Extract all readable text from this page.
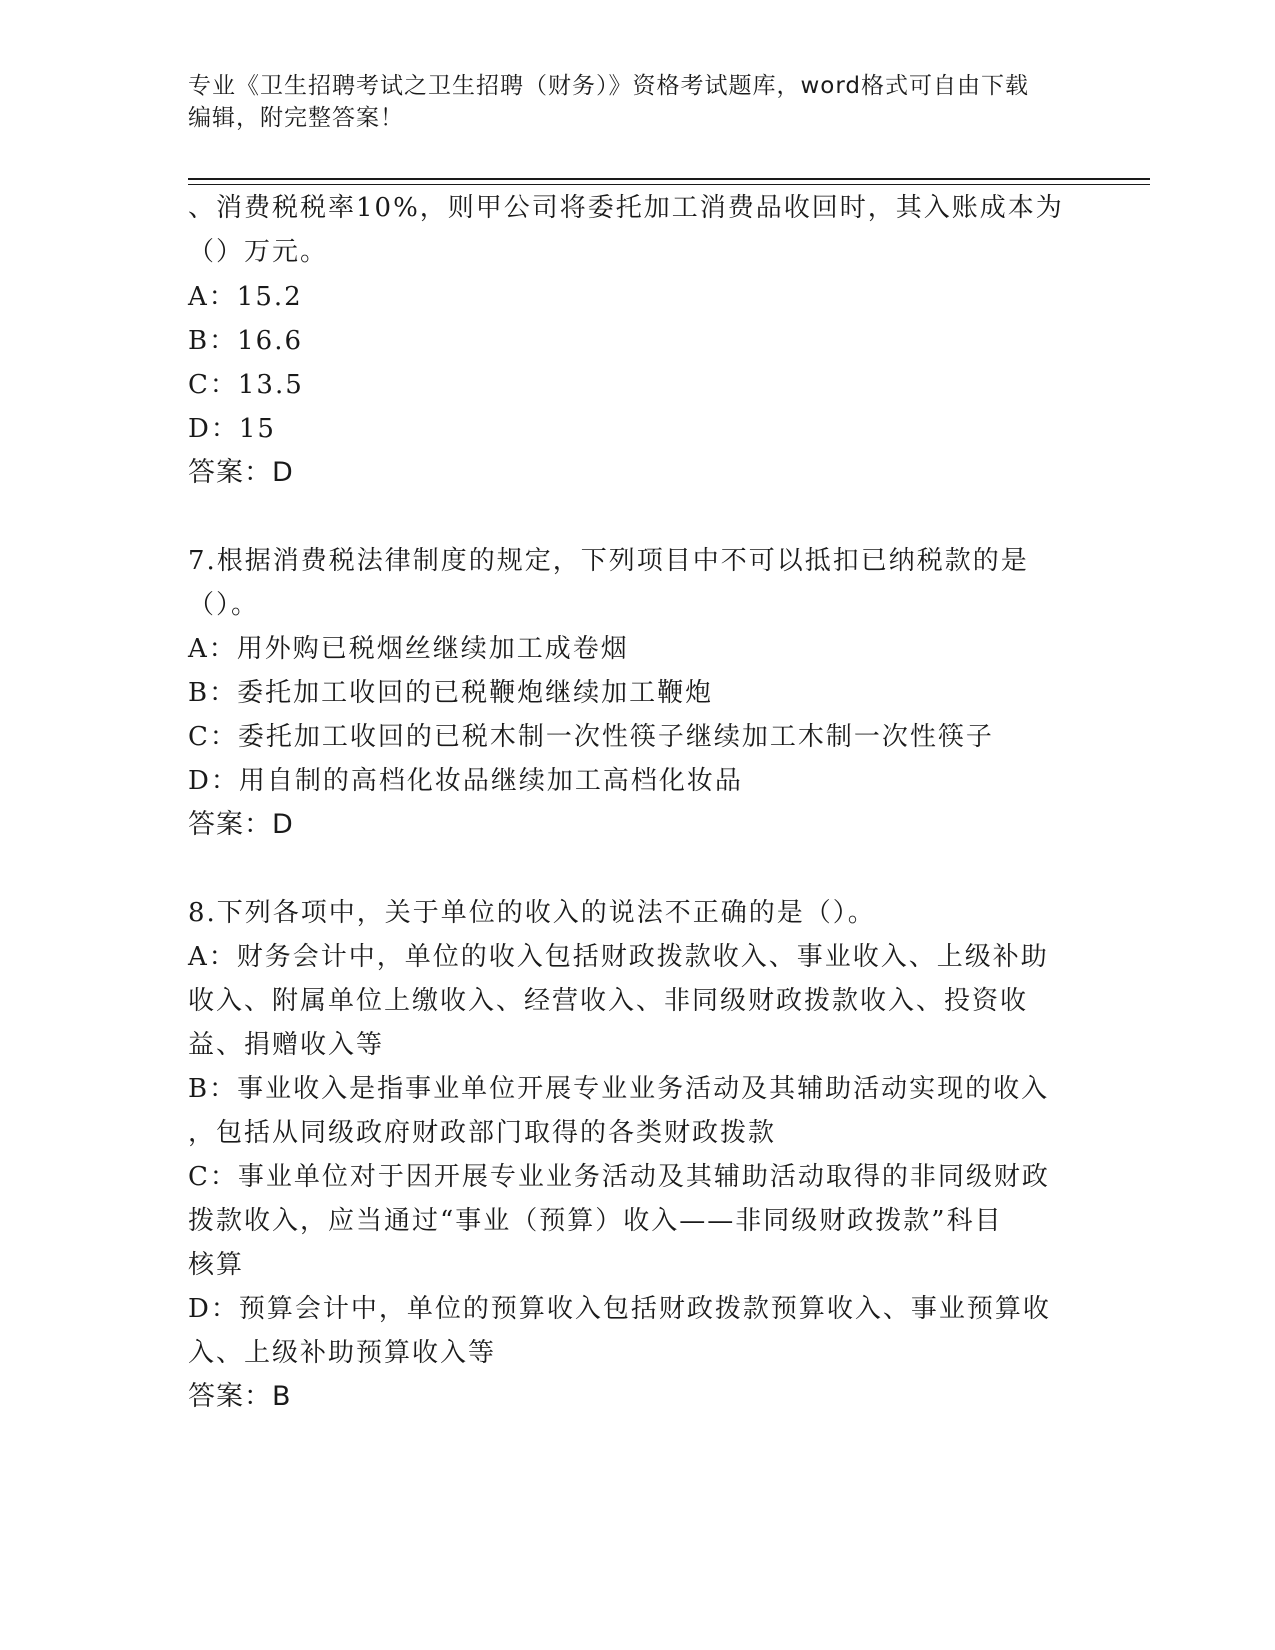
专业《卫生招聘考试之卫生招聘（财务）》资格考试题库，word格式可自由下载
编辑，附完整答案！
、消费税税率10%，则甲公司将委托加工消费品收回时，其入账成本为
（）万元。
A：15.2
B：16.6
C：13.5
D：15
答案：D
7.根据消费税法律制度的规定，下列项目中不可以抵扣已纳税款的是
（）。
A：用外购已税烟丝继续加工成卷烟
B：委托加工收回的已税鞭炮继续加工鞭炮
C：委托加工收回的已税木制一次性筷子继续加工木制一次性筷子
D：用自制的高档化妆品继续加工高档化妆品
答案：D
8.下列各项中，关于单位的收入的说法不正确的是（）。
A：财务会计中，单位的收入包括财政拨款收入、事业收入、上级补助
收入、附属单位上缴收入、经营收入、非同级财政拨款收入、投资收
益、捐赠收入等
B：事业收入是指事业单位开展专业业务活动及其辅助活动实现的收入
，包括从同级政府财政部门取得的各类财政拨款
C：事业单位对于因开展专业业务活动及其辅助活动取得的非同级财政
拨款收入，应当通过“事业（预算）收入——非同级财政拨款”科目
核算
D：预算会计中，单位的预算收入包括财政拨款预算收入、事业预算收
入、上级补助预算收入等
答案：B
